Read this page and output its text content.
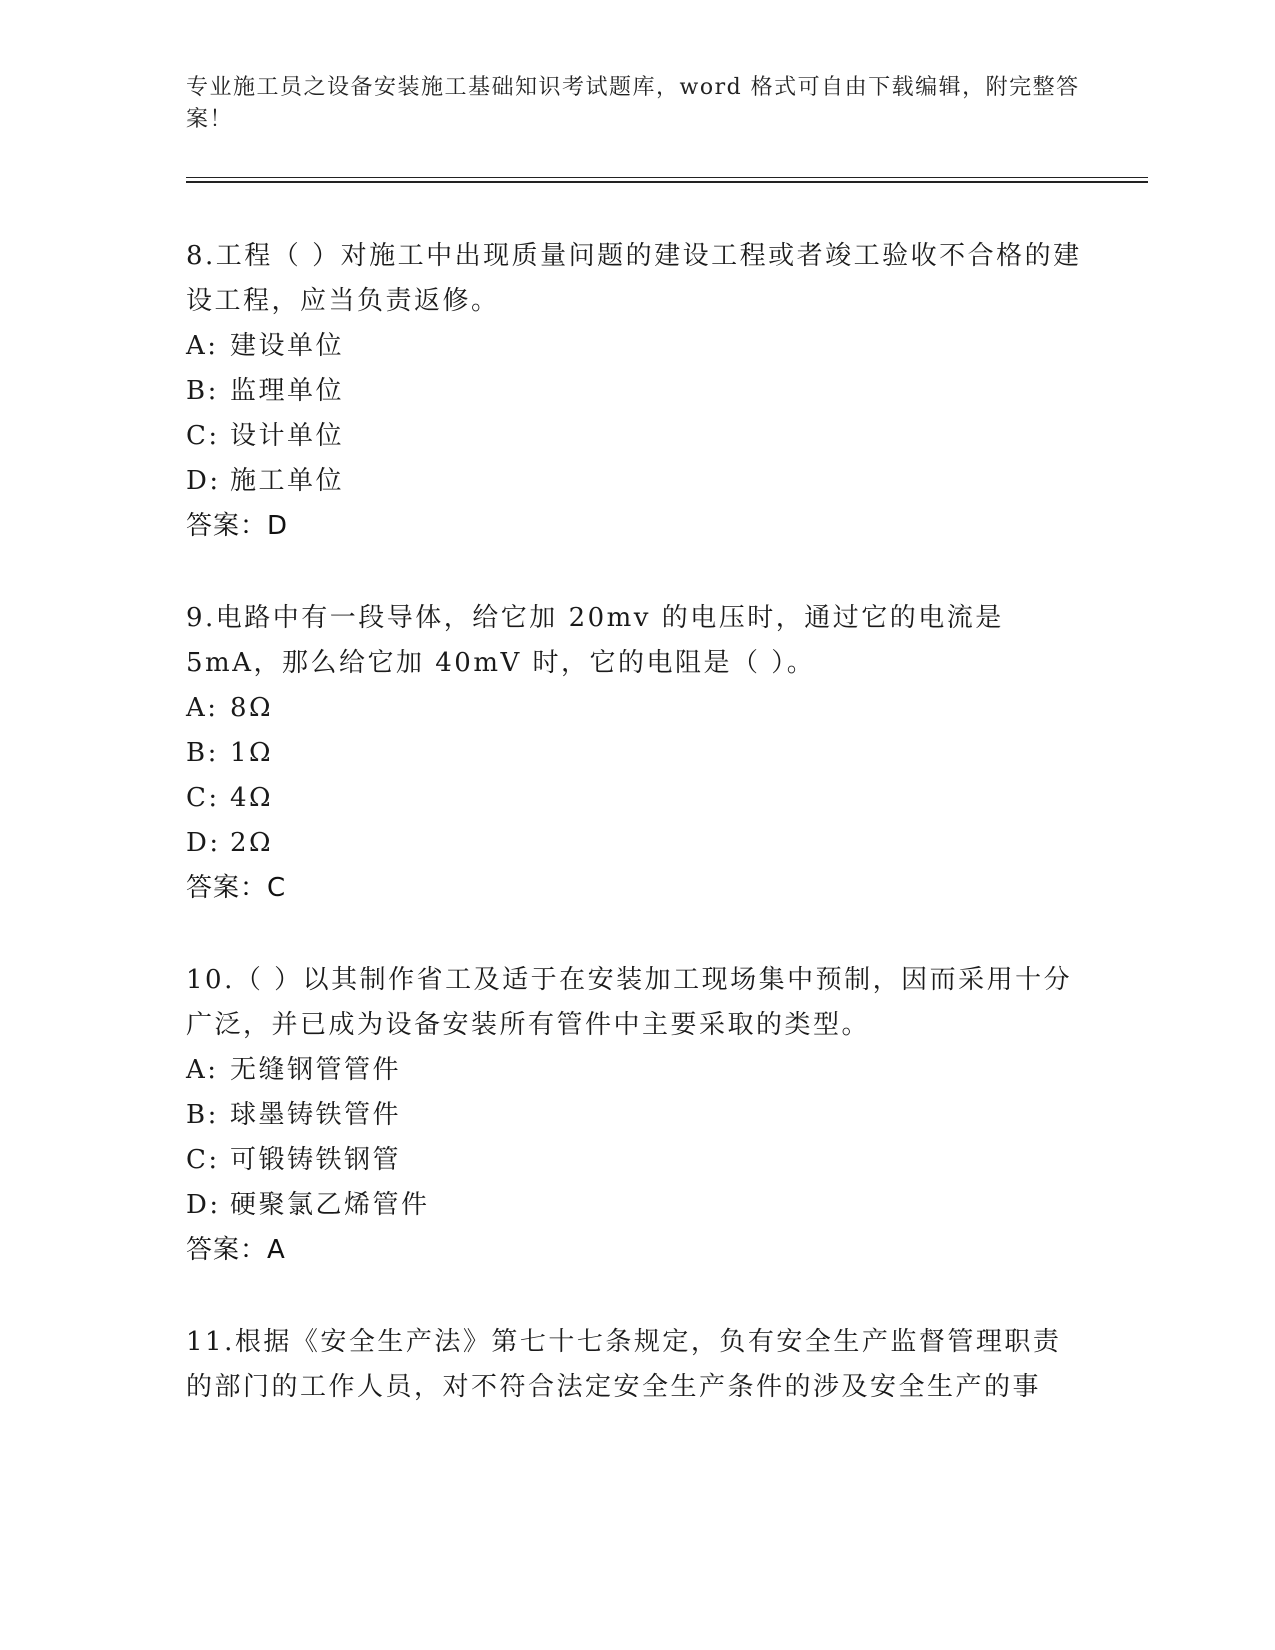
专业施工员之设备安装施工基础知识考试题库，word 格式可自由下载编辑，附完整答案！

8.工程（ ）对施工中出现质量问题的建设工程或者竣工验收不合格的建设工程，应当负责返修。

A: 建设单位

B: 监理单位

C: 设计单位

D: 施工单位

答案：D

9.电路中有一段导体，给它加 20mv 的电压时，通过它的电流是 5mA，那么给它加 40mV 时，它的电阻是（ ）。

A: 8Ω

B: 1Ω

C: 4Ω

D: 2Ω

答案：C

10.（ ）以其制作省工及适于在安装加工现场集中预制，因而采用十分广泛，并已成为设备安装所有管件中主要采取的类型。

A: 无缝钢管管件

B: 球墨铸铁管件

C: 可锻铸铁钢管

D: 硬聚氯乙烯管件

答案：A

11.根据《安全生产法》第七十七条规定，负有安全生产监督管理职责的部门的工作人员，对不符合法定安全生产条件的涉及安全生产的事
